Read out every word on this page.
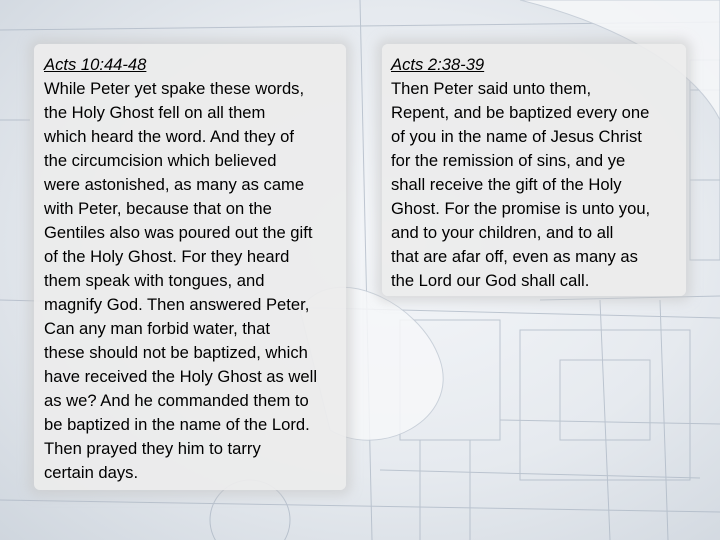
Acts 10:44-48
While Peter yet spake these words,
the Holy Ghost fell on all them
which heard the word. And they of
the circumcision which believed
were astonished, as many as came
with Peter, because that on the
Gentiles also was poured out the gift
of the Holy Ghost. For they heard
them speak with tongues, and
magnify God. Then answered Peter,
Can any man forbid water, that
these should not be baptized, which
have received the Holy Ghost as well
as we? And he commanded them to
be baptized in the name of the Lord.
Then prayed they him to tarry
certain days.
Acts 2:38-39
Then Peter said unto them,
Repent, and be baptized every one
of you in the name of Jesus Christ
for the remission of sins, and ye
shall receive the gift of the Holy
Ghost. For the promise is unto you,
and to your children, and to all
that are afar off, even as many as
the Lord our God shall call.
